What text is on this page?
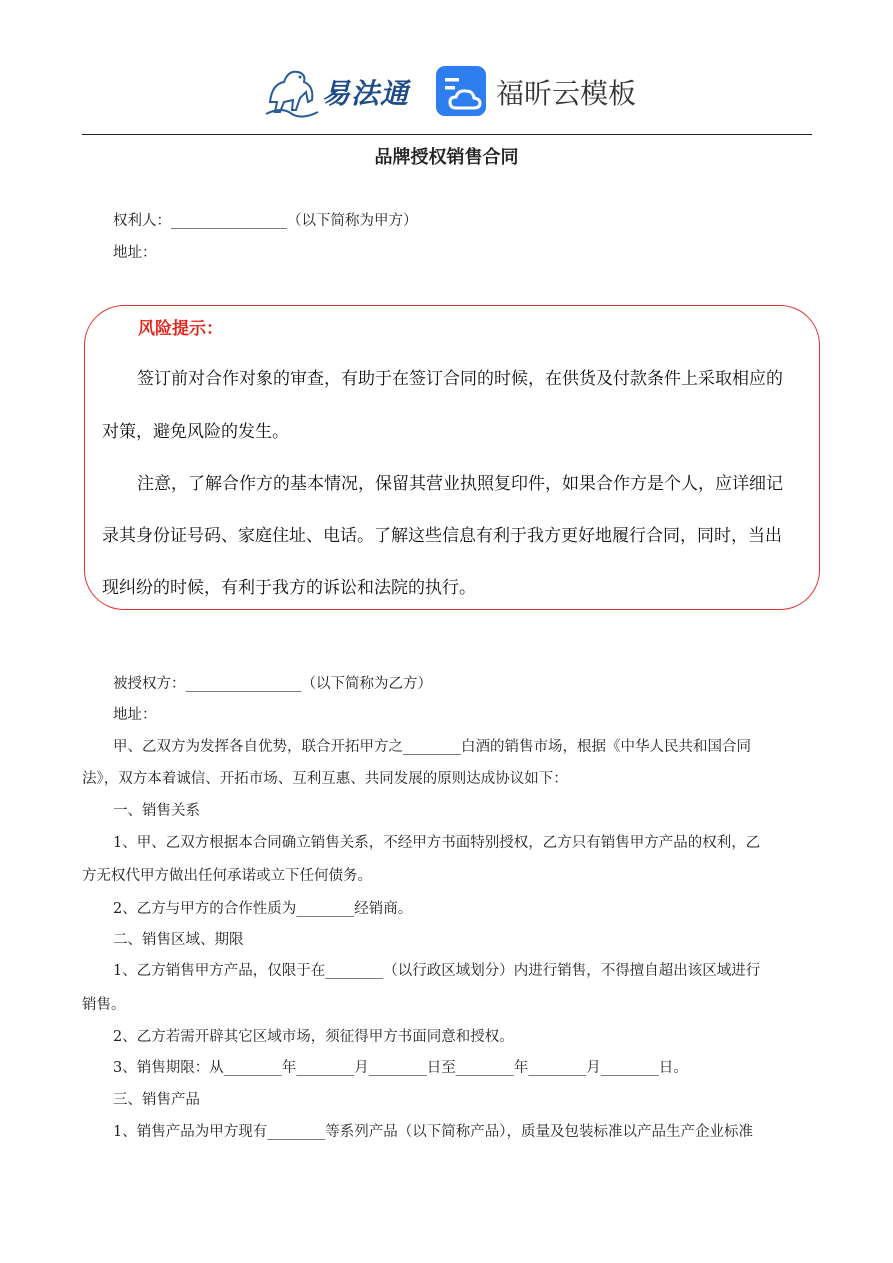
易法通	福昕云模板
品牌授权销售合同
权利人：________________（以下简称为甲方）
地址：
风险提示：
签订前对合作对象的审查，有助于在签订合同的时候，在供货及付款条件上采取相应的
对策，避免风险的发生。
注意，了解合作方的基本情况，保留其营业执照复印件，如果合作方是个人，应详细记
录其身份证号码、家庭住址、电话。了解这些信息有利于我方更好地履行合同，同时，当出
现纠纷的时候，有利于我方的诉讼和法院的执行。
被授权方：________________（以下简称为乙方）
地址：
甲、乙双方为发挥各自优势，联合开拓甲方之________白酒的销售市场，根据《中华人民共和国合同
法》，双方本着诚信、开拓市场、互利互惠、共同发展的原则达成协议如下：
一、销售关系
1、甲、乙双方根据本合同确立销售关系，不经甲方书面特别授权，乙方只有销售甲方产品的权利，乙
方无权代甲方做出任何承诺或立下任何债务。
2、乙方与甲方的合作性质为________经销商。
二、销售区域、期限
1、乙方销售甲方产品，仅限于在________（以行政区域划分）内进行销售，不得擅自超出该区域进行
销售。
2、乙方若需开辟其它区域市场，须征得甲方书面同意和授权。
3、销售期限：从________年________月________日至________年________月________日。
三、销售产品
1、销售产品为甲方现有________等系列产品（以下简称产品），质量及包装标准以产品生产企业标准
